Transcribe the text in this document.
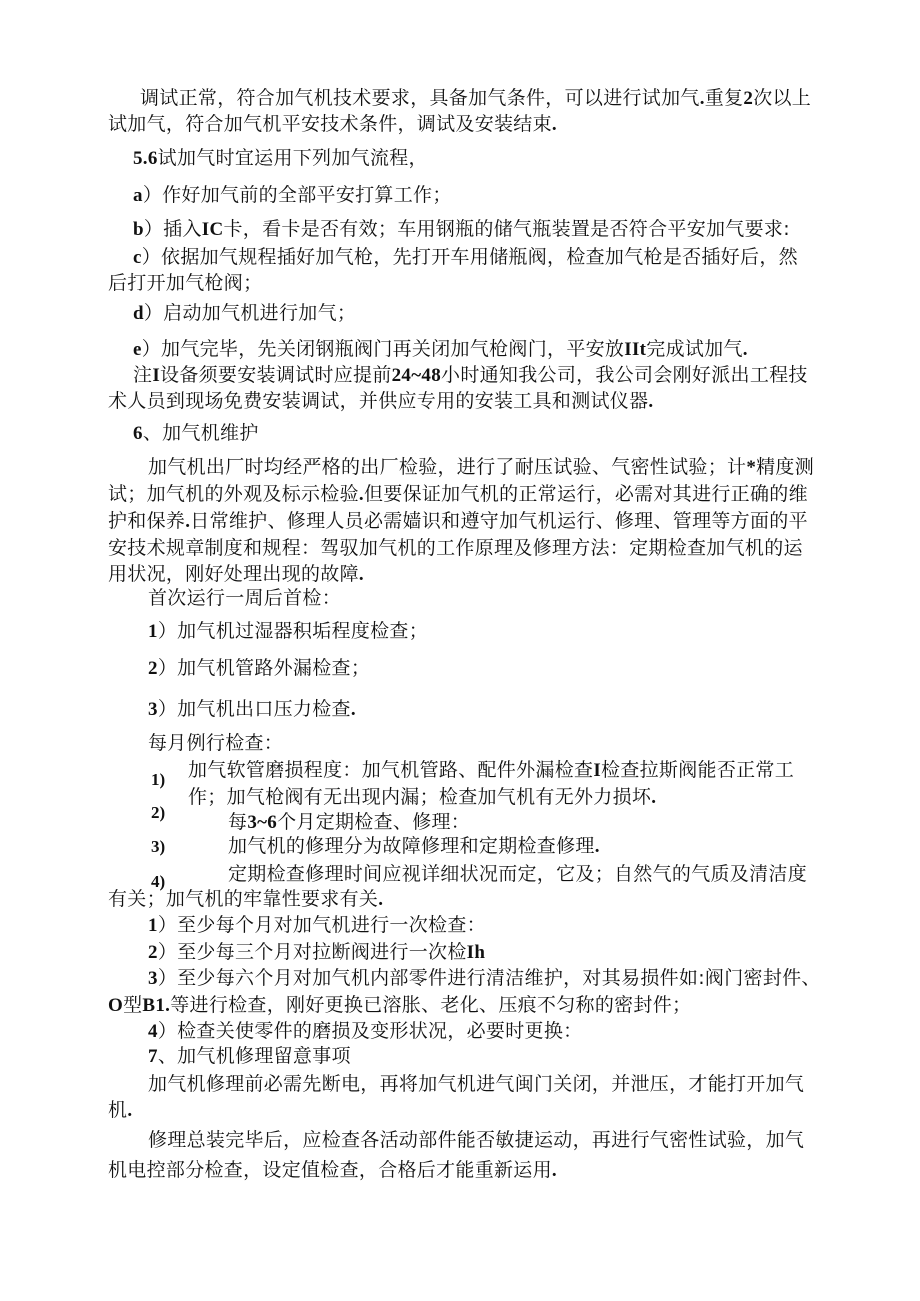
调试正常，符合加气机技术要求，具备加气条件，可以进行试加气.重复2次以上
试加气，符合加气机平安技术条件，调试及安装结束.
5.6试加气时宜运用下列加气流程，
a）作好加气前的全部平安打算工作；
b）插入IC卡，看卡是否有效；车用钢瓶的储气瓶装置是否符合平安加气要求:
c）依据加气规程插好加气枪，先打开车用储瓶阀，检查加气枪是否插好后，然
后打开加气枪阀；
d）启动加气机进行加气；
e）加气完毕，先关闭钢瓶阀门再关闭加气枪阀门，平安放IIt完成试加气.
注I设备须要安装调试时应提前24~48小时通知我公司，我公司会刚好派出工程技
术人员到现场免费安装调试，并供应专用的安装工具和测试仪器.
6、加气机维护
加气机出厂时均经严格的出厂检验，进行了耐压试验、气密性试验；计*精度测
试；加气机的外观及标示检验.但要保证加气机的正常运行，必需对其进行正确的维
护和保养.日常维护、修理人员必需嫱识和遵守加气机运行、修理、管理等方面的平
安技术规章制度和规程：驾驭加气机的工作原理及修理方法：定期检查加气机的运
用状况，刚好处理出现的故障.
首次运行一周后首检：
1）加气机过湿器积垢程度检查；
2）加气机管路外漏检查；
3）加气机出口压力检查.
每月例行检查：
加气软管磨损程度：加气机管路、配件外漏检查I检查拉斯阀能否正常工
作；加气枪阀有无出现内漏；检查加气机有无外力损坏.
每3~6个月定期检查、修理：
加气机的修理分为故障修理和定期检查修理.
定期检查修理时间应视详细状况而定，它及；自然气的气质及清洁度
有关；加气机的牢靠性要求有关.
1）至少每个月对加气机进行一次检查：
2）至少每三个月对拉断阀进行一次检Ih
3）至少每六个月对加气机内部零件进行清洁维护，对其易损件如:阀门密封件、
O型B1.等进行检查，刚好更换已溶胀、老化、压痕不匀称的密封件；
4）检查关使零件的磨损及变形状况，必要时更换：
7、加气机修理留意事项
加气机修理前必需先断电，再将加气机进气闽门关闭，并泄压，才能打开加气
机.
修理总装完毕后，应检查各活动部件能否敏捷运动，再进行气密性试验，加气
机电控部分检查，设定值检查，合格后才能重新运用.
1)
2)
3)
4)
